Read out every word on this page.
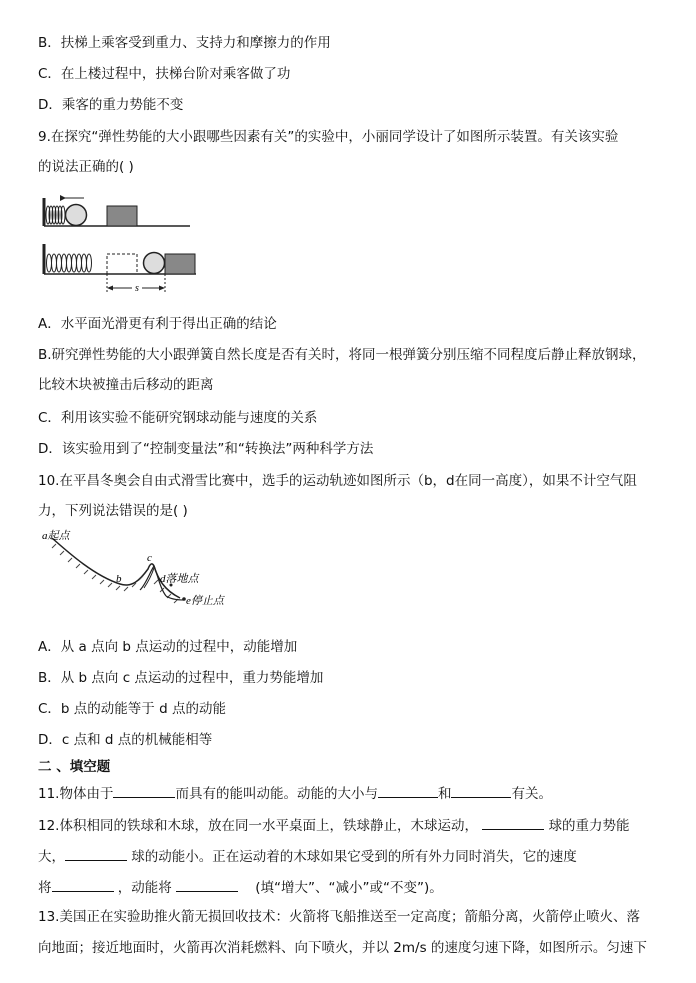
B．扶梯上乘客受到重力、支持力和摩擦力的作用
C．在上楼过程中，扶梯台阶对乘客做了功
D．乘客的重力势能不变
9.在探究“弹性势能的大小跟哪些因素有关”的实验中，小丽同学设计了如图所示装置。有关该实验
的说法正确的( )
s
A．水平面光滑更有利于得出正确的结论
B.研究弹性势能的大小跟弹簧自然长度是否有关时，将同一根弹簧分别压缩不同程度后静止释放钢球，
比较木块被撞击后移动的距离
C．利用该实验不能研究钢球动能与速度的关系
D．该实验用到了“控制变量法”和“转换法”两种科学方法
10.在平昌冬奥会自由式滑雪比赛中，选手的运动轨迹如图所示（b，d在同一高度），如果不计空气阻
力，下列说法错误的是( )
a起点
b
c
d落地点
e停止点
A．从 a 点向 b 点运动的过程中，动能增加
B．从 b 点向 c 点运动的过程中，重力势能增加
C．b 点的动能等于 d 点的动能
D．c 点和 d 点的机械能相等
二 、填空题
11.物体由于	而具有的能叫动能。动能的大小与	和	有关。
12.体积相同的铁球和木球，放在同一水平桌面上，铁球静止，木球运动，	球的重力势能
大，	球的动能小。正在运动着的木球如果它受到的所有外力同时消失，它的速度
将	，动能将	(填“增大”、“减小”或“不变”)。
13.美国正在实验助推火箭无损回收技术：火箭将飞船推送至一定高度；箭船分离，火箭停止喷火、落
向地面；接近地面时，火箭再次消耗燃料、向下喷火，并以 2m/s 的速度匀速下降，如图所示。匀速下
